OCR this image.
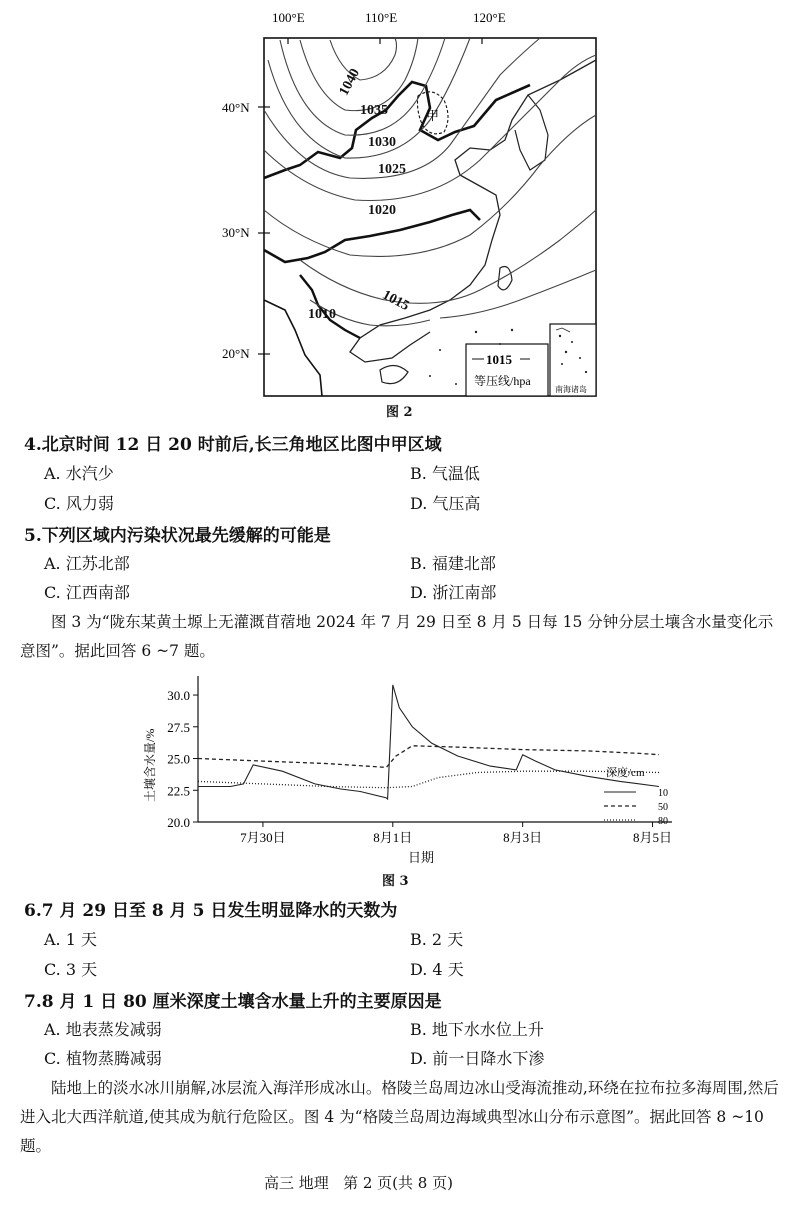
100°E	110°E	120°E
40°N
30°N
20°N
甲
1040
1035
1030
1025
1020
1015
1010
1015
等压线/hpa
南海诸岛
图 2
4.北京时间 12 日 20 时前后,长三角地区比图中甲区域
A. 水汽少	B. 气温低
C. 风力弱	D. 气压高
5.下列区域内污染状况最先缓解的可能是
A. 江苏北部	B. 福建北部
C. 江西南部	D. 浙江南部
图 3 为“陇东某黄土塬上无灌溉苜蓿地 2024 年 7 月 29 日至 8 月 5 日每 15 分钟分层土壤含水量变化示意图”。据此回答 6 ~7 题。
土壤含水量/%
20.0
22.5
25.0
27.5
30.0
7月30日	8月1日	8月3日	8月5日
日期
深度/cm
10
50
80
图 3
6.7 月 29 日至 8 月 5 日发生明显降水的天数为
A. 1 天	B. 2 天
C. 3 天	D. 4 天
7.8 月 1 日 80 厘米深度土壤含水量上升的主要原因是
A. 地表蒸发减弱	B. 地下水水位上升
C. 植物蒸腾减弱	D. 前一日降水下渗
陆地上的淡水冰川崩解,冰层流入海洋形成冰山。格陵兰岛周边冰山受海流推动,环绕在拉布拉多海周围,然后进入北大西洋航道,使其成为航行危险区。图 4 为“格陵兰岛周边海域典型冰山分布示意图”。据此回答 8 ~10 题。
高三 地理   第 2 页(共 8 页)
